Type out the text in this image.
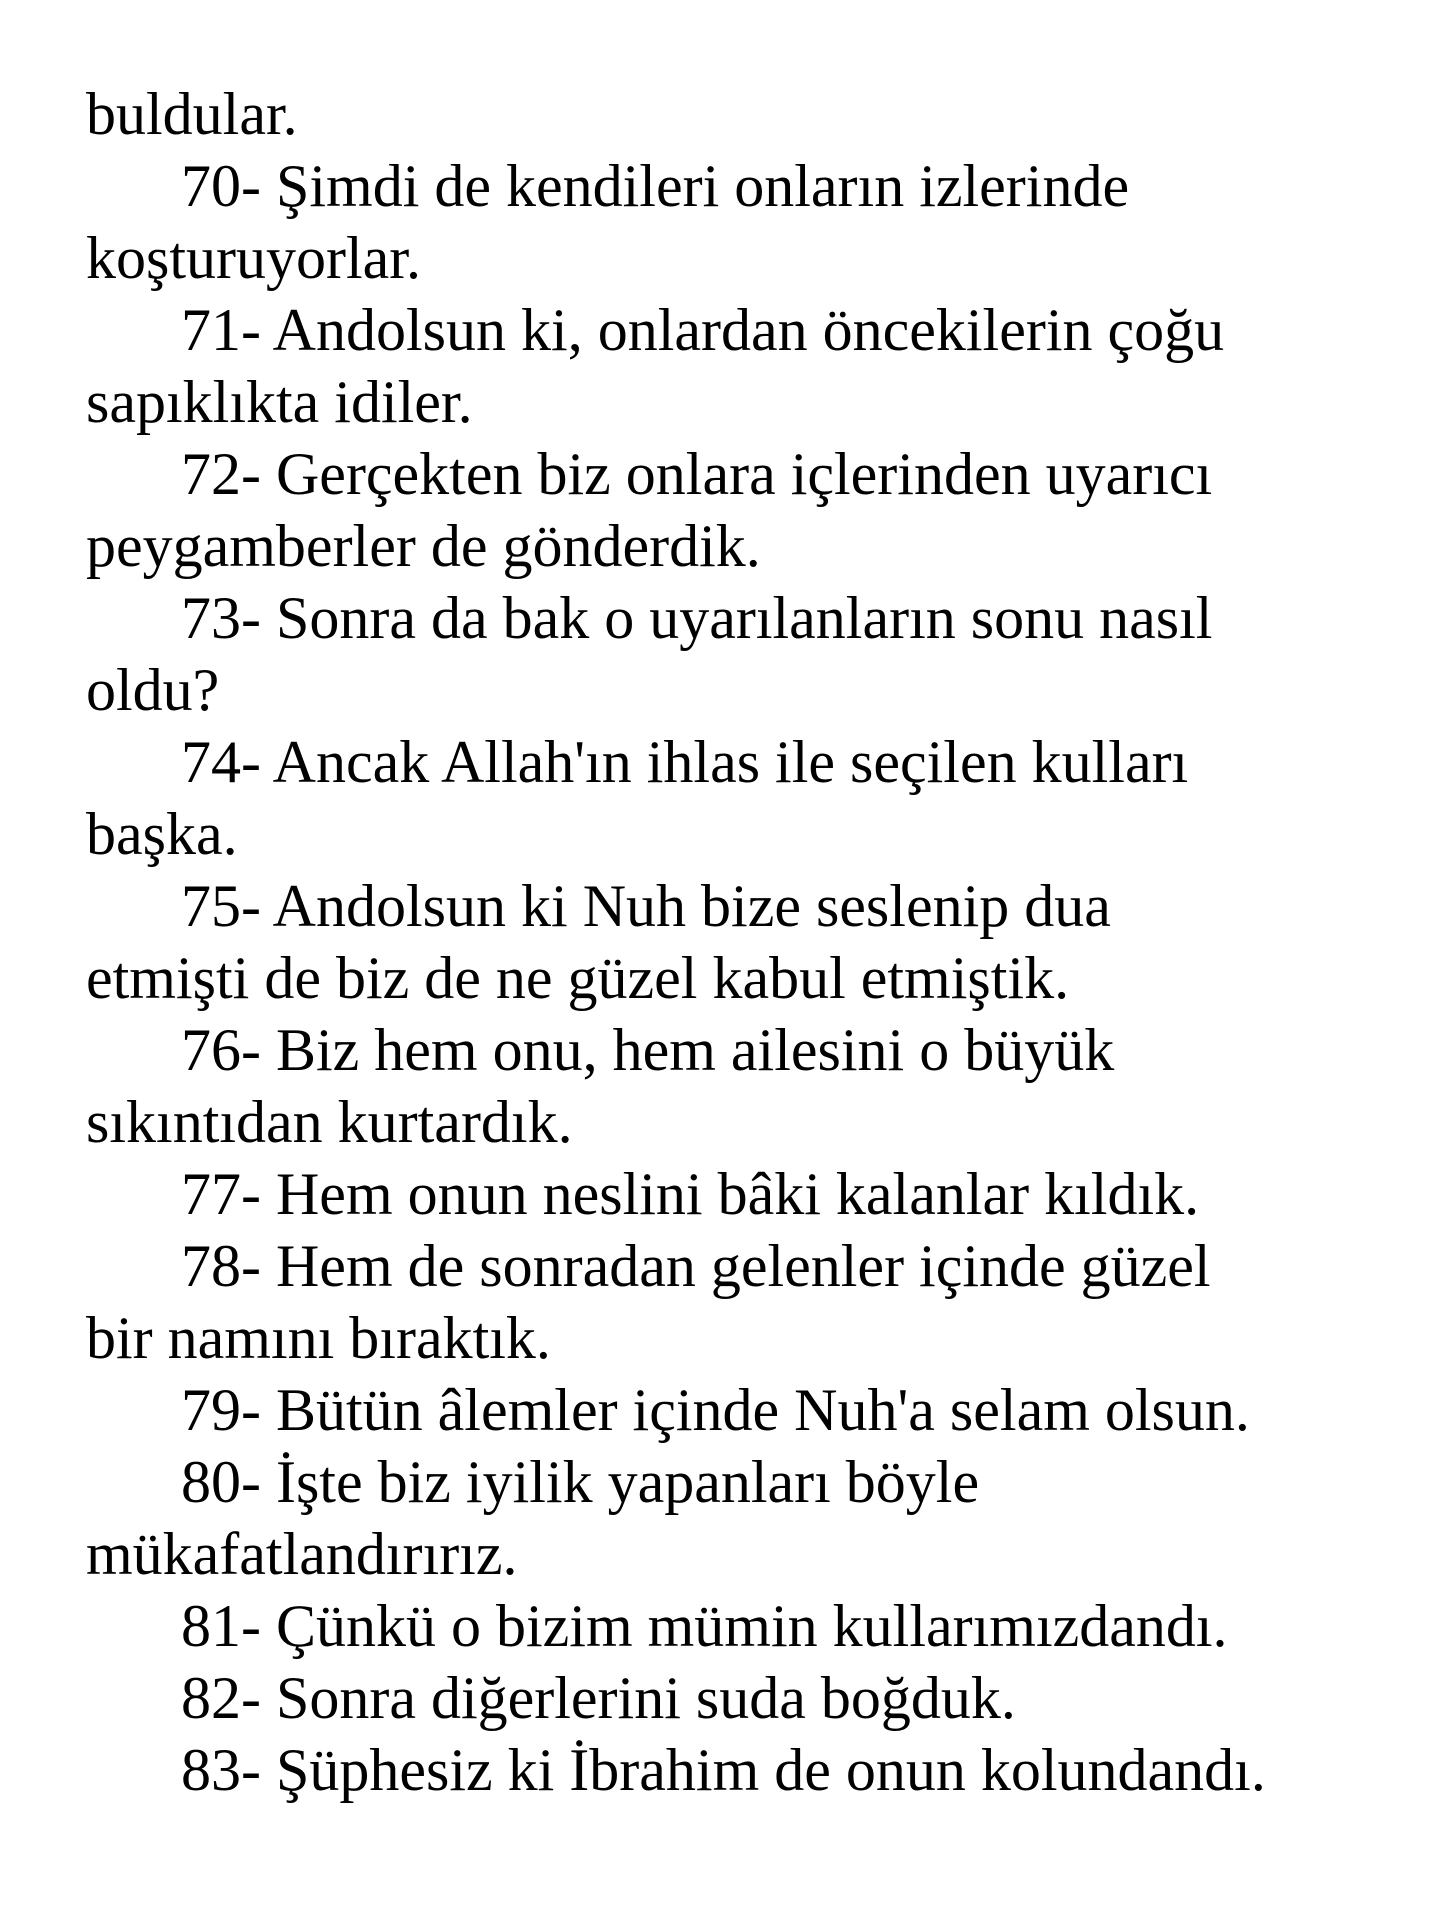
buldular.
70- Şimdi de kendileri onların izlerinde
koşturuyorlar.
71- Andolsun ki, onlardan öncekilerin çoğu
sapıklıkta idiler.
72- Gerçekten biz onlara içlerinden uyarıcı
peygamberler de gönderdik.
73- Sonra da bak o uyarılanların sonu nasıl
oldu?
74- Ancak Allah'ın ihlas ile seçilen kulları
başka.
75- Andolsun ki Nuh bize seslenip dua
etmişti de biz de ne güzel kabul etmiştik.
76- Biz hem onu, hem ailesini o büyük
sıkıntıdan kurtardık.
77- Hem onun neslini bâki kalanlar kıldık.
78- Hem de sonradan gelenler içinde güzel
bir namını bıraktık.
79- Bütün âlemler içinde Nuh'a selam olsun.
80- İşte biz iyilik yapanları böyle
mükafatlandırırız.
81- Çünkü o bizim mümin kullarımızdandı.
82- Sonra diğerlerini suda boğduk.
83- Şüphesiz ki İbrahim de onun kolundandı.
